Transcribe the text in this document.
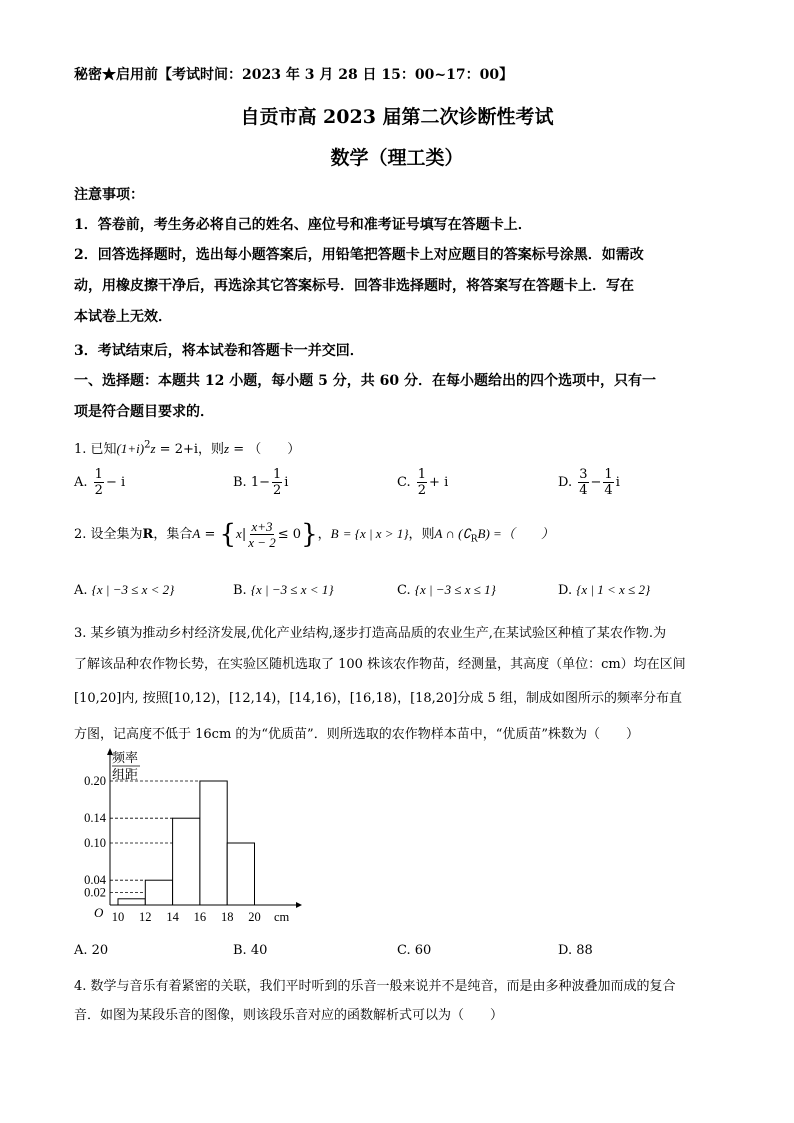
秘密★启用前【考试时间：2023 年 3 月 28 日 15：00~17：00】
自贡市高 2023 届第二次诊断性考试
数学（理工类）
注意事项：
1．答卷前，考生务必将自己的姓名、座位号和准考证号填写在答题卡上．
2．回答选择题时，选出每小题答案后，用铅笔把答题卡上对应题目的答案标号涂黑．如需改
动，用橡皮擦干净后，再选涂其它答案标号．回答非选择题时，将答案写在答题卡上．写在
本试卷上无效．
3．考试结束后，将本试卷和答题卡一并交回．
一、选择题：本题共 12 小题，每小题 5 分，共 60 分．在每小题给出的四个选项中，只有一
项是符合题目要求的．
1. 已知$(1+i)^2z = 2+i$，则z = （　　）
A. $\frac{1}{2} - i$	B. $1- \frac{1}{2}$ i	C. $\frac{1}{2} + i$	D. $\frac{3}{4} - \frac{1}{4}$ i
2. 设全集为R，集合$A = \{x| \frac{x+3}{x - 2} \le 0\}$，B = {x | x > 1}，则A ∩ $(∁_RB)$ =（　　）
A. {x | −3 ≤ x < 2}	B. {x | −3 ≤ x < 1}	C. {x | −3 ≤ x ≤ 1}	D. {x | 1 < x ≤ 2}
3. 某乡镇为推动乡村经济发展,优化产业结构,逐步打造高品质的农业生产,在某试验区种植了某农作物.为
了解该品种农作物长势，在实验区随机选取了 100 株该农作物苗，经测量，其高度（单位：cm）均在区间
[10,20]内, 按照[10,12)，[12,14)，[14,16)，[16,18)，[18,20]分成 5 组，制成如图所示的频率分布直
方图，记高度不低于 16cm 的为“优质苗”．则所选取的农作物样本苗中，“优质苗”株数为（　　）
频率
组距
O
0.02
0.04
0.10
0.14
0.20
10 12 14 16 18 20 cm
A. 20	B. 40	C. 60	D. 88
4. 数学与音乐有着紧密的关联，我们平时听到的乐音一般来说并不是纯音，而是由多种波叠加而成的复合
音．如图为某段乐音的图像，则该段乐音对应的函数解析式可以为（　　）
